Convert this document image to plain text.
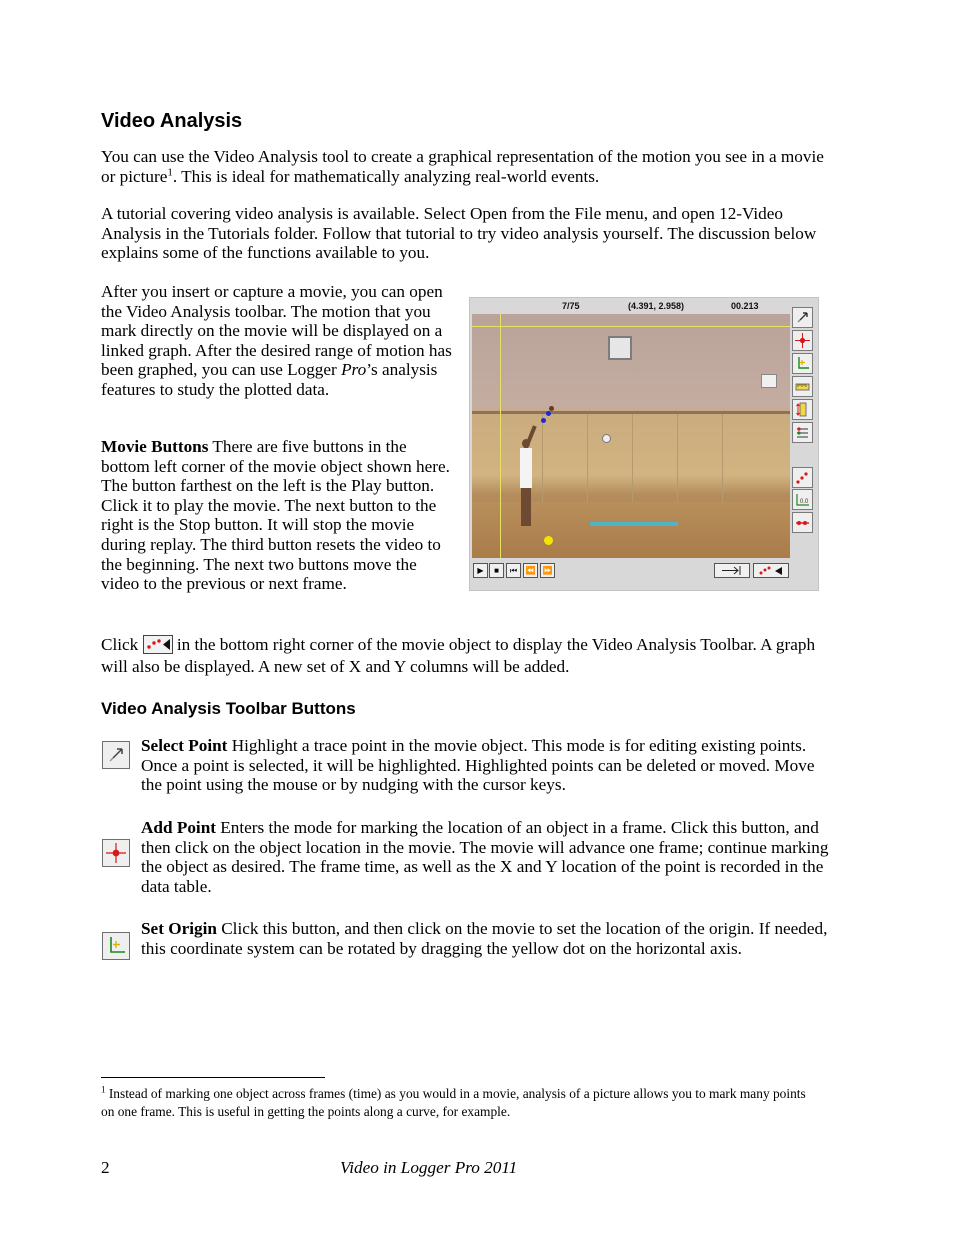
Video Analysis

You can use the Video Analysis tool to create a graphical representation of the motion you see in a movie or picture$^1$. This is ideal for mathematically analyzing real-world events.

A tutorial covering video analysis is available. Select Open from the File menu, and open 12-Video Analysis in the Tutorials folder. Follow that tutorial to try video analysis yourself. The discussion below explains some of the functions available to you.

After you insert or capture a movie, you can open the Video Analysis toolbar. The motion that you mark directly on the movie will be displayed on a linked graph. After the desired range of motion has been graphed, you can use Logger Pro’s analysis features to study the plotted data.

Movie Buttons There are five buttons in the bottom left corner of the movie object shown here. The button farthest on the left is the Play button. Click it to play the movie. The next button to the right is the Stop button. It will stop the movie during replay. The third button resets the video to the beginning. The next two buttons move the video to the previous or next frame.

7/75	(4.391, 2.958)	00.213
0.0
▶ ■ ⏮ ⏪ ⏩

Click
in the bottom right corner of the movie object to display the Video Analysis Toolbar. A graph will also be displayed. A new set of X and Y columns will be added.

Video Analysis Toolbar Buttons

Select Point Highlight a trace point in the movie object. This mode is for editing existing points. Once a point is selected, it will be highlighted. Highlighted points can be deleted or moved. Move the point using the mouse or by nudging with the cursor keys.

Add Point Enters the mode for marking the location of an object in a frame. Click this button, and then click on the object location in the movie. The movie will advance one frame; continue marking the object as desired. The frame time, as well as the X and Y location of the point is recorded in the data table.

Set Origin Click this button, and then click on the movie to set the location of the origin. If needed, this coordinate system can be rotated by dragging the yellow dot on the horizontal axis.

$^1$ Instead of marking one object across frames (time) as you would in a movie, analysis of a picture allows you to mark many points on one frame. This is useful in getting the points along a curve, for example.
2	Video in Logger Pro 2011
